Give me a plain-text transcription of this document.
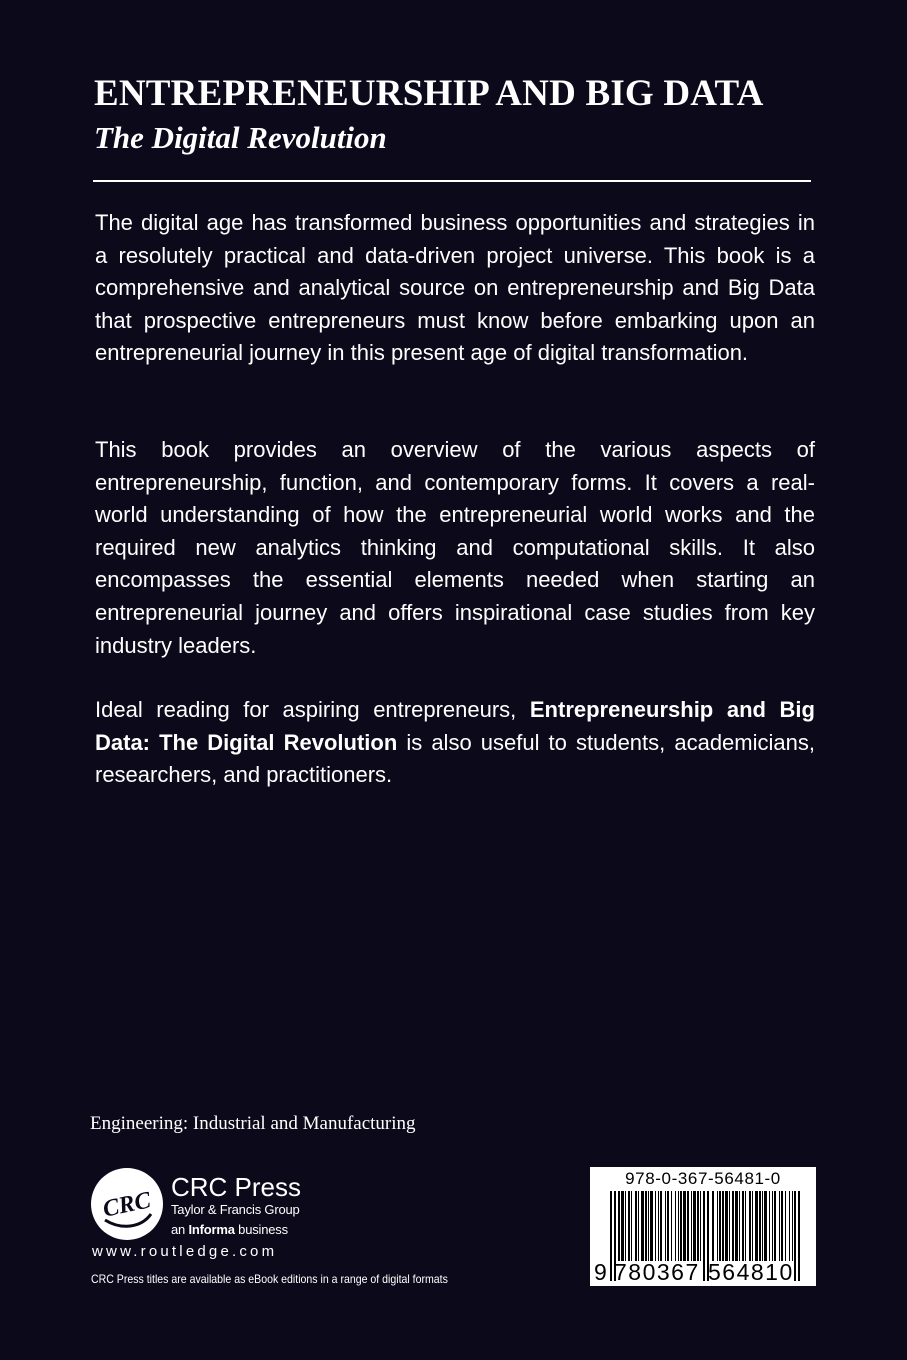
ENTREPRENEURSHIP AND BIG DATA
The Digital Revolution

The digital age has transformed business opportunities and strategies in a resolutely practical and data-driven project universe. This book is a comprehensive and analytical source on entrepreneurship and Big Data that prospective entrepreneurs must know before embarking upon an entrepreneurial journey in this present age of digital transformation.

This book provides an overview of the various aspects of entrepreneurship, function, and contemporary forms. It covers a real-world understanding of how the entrepreneurial world works and the required new analytics thinking and computational skills. It also encompasses the essential elements needed when starting an entrepreneurial journey and offers inspirational case studies from key industry leaders.

Ideal reading for aspiring entrepreneurs, Entrepreneurship and Big Data: The Digital Revolution is also useful to students, academicians, researchers, and practitioners.

Engineering: Industrial and Manufacturing
CRC
CRC Press
Taylor & Francis Group
an Informa business
www.routledge.com
CRC Press titles are available as eBook editions in a range of digital formats
978-0-367-56481-0
9 780367 564810
